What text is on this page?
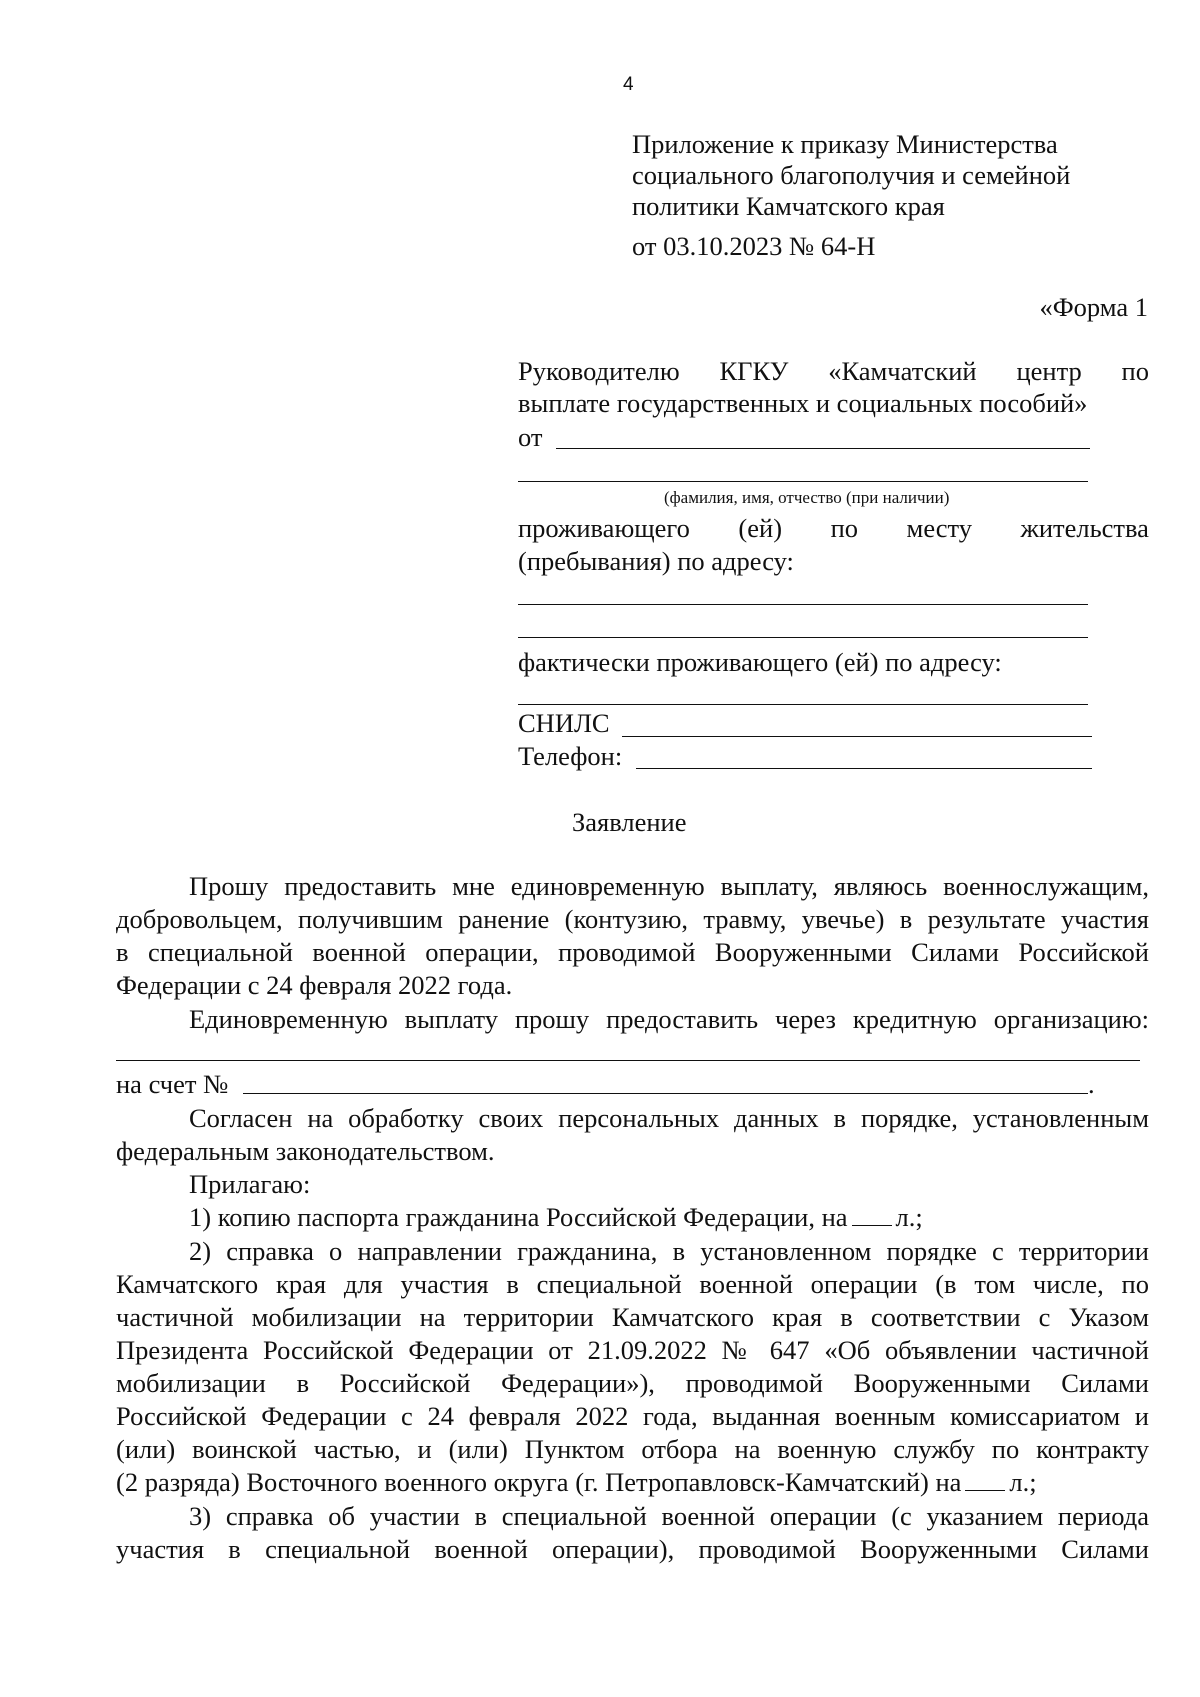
4
Приложение к приказу Министерства
социального благополучия и семейной
политики Камчатского края
от 03.10.2023 № 64-Н
«Форма 1
Руководителю КГКУ «Камчатский центр по
выплате государственных и социальных пособий»
от
(фамилия, имя, отчество (при наличии)
проживающего (ей) по месту жительства
(пребывания) по адресу:
фактически проживающего (ей) по адресу:
СНИЛС
Телефон:
Заявление
Прошу предоставить мне единовременную выплату, являюсь военнослужащим,
добровольцем, получившим ранение (контузию, травму, увечье) в результате участия
в специальной военной операции, проводимой Вооруженными Силами Российской
Федерации с 24 февраля 2022 года.
Единовременную выплату прошу предоставить через кредитную организацию:
на счет №	.
Согласен на обработку своих персональных данных в порядке, установленным
федеральным законодательством.
Прилагаю:
1) копию паспорта гражданина Российской Федерации, на л.;
2) справка о направлении гражданина, в установленном порядке с территории
Камчатского края для участия в специальной военной операции (в том числе, по
частичной мобилизации на территории Камчатского края в соответствии с Указом
Президента Российской Федерации от 21.09.2022 № 647 «Об объявлении частичной
мобилизации в Российской Федерации»), проводимой Вооруженными Силами
Российской Федерации с 24 февраля 2022 года, выданная военным комиссариатом и
(или) воинской частью, и (или) Пунктом отбора на военную службу по контракту
(2 разряда) Восточного военного округа (г. Петропавловск-Камчатский) на л.;
3) справка об участии в специальной военной операции (с указанием периода
участия в специальной военной операции), проводимой Вооруженными Силами
